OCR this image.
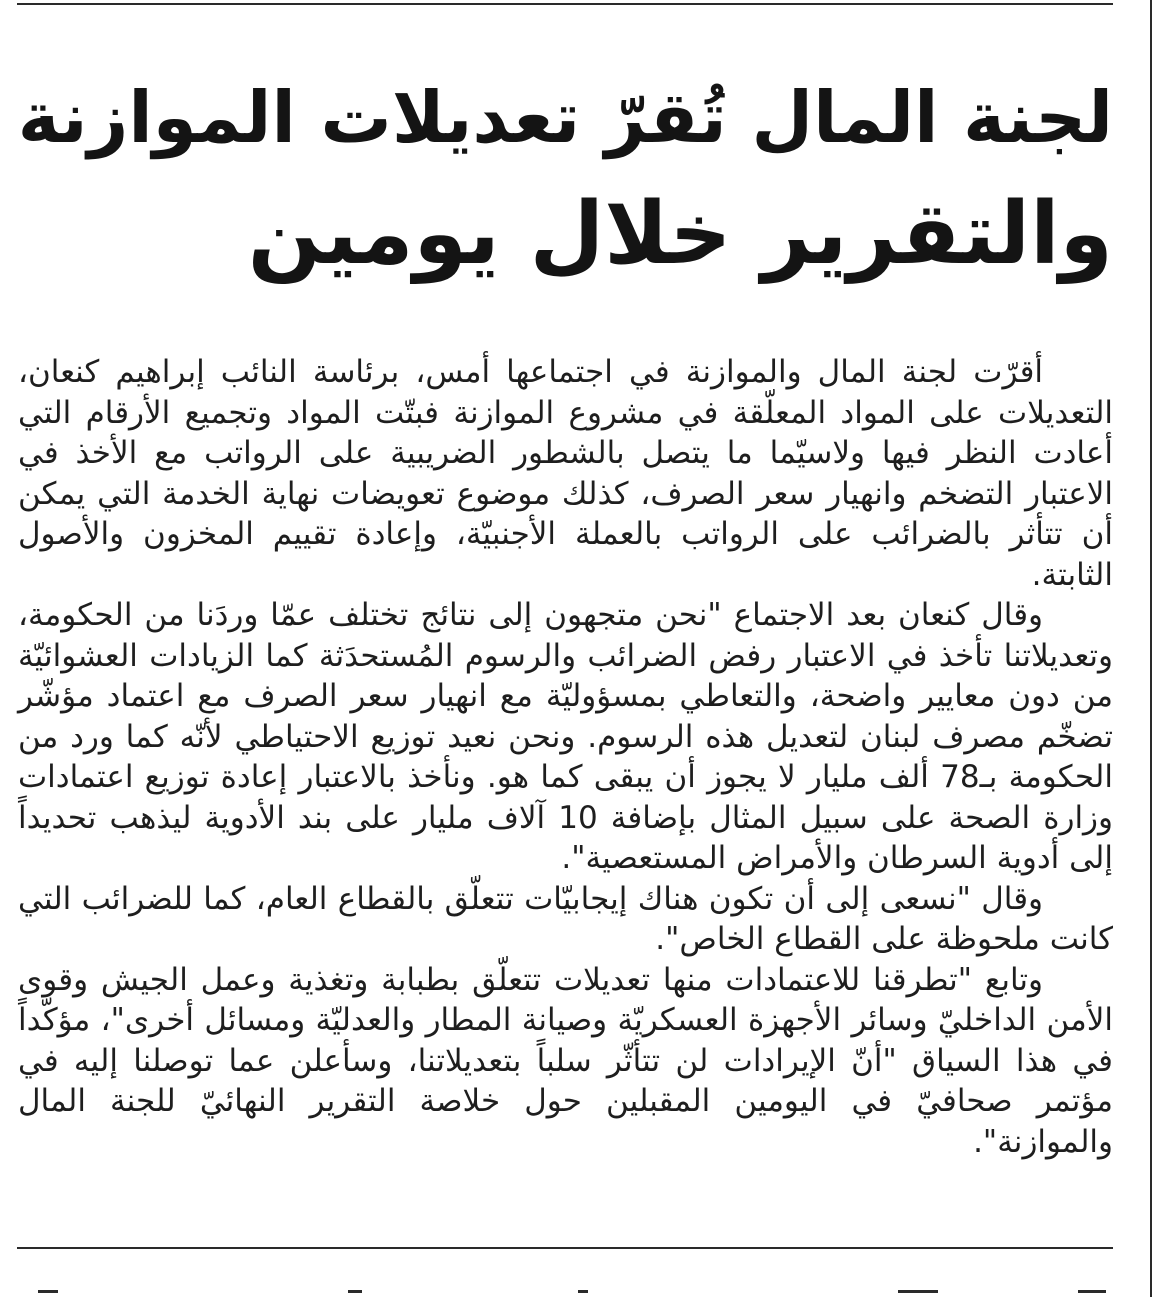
لجنة المال تُقرّ تعديلات الموازنة
والتقرير خلال يومين

أقرّت لجنة المال والموازنة في اجتماعها أمس، برئاسة النائب إبراهيم كنعان، التعديلات على المواد المعلّقة في مشروع الموازنة فبتّت المواد وتجميع الأرقام التي أعادت النظر فيها ولاسيّما ما يتصل بالشطور الضريبية على الرواتب مع الأخذ في الاعتبار التضخم وانهيار سعر الصرف، كذلك موضوع تعويضات نهاية الخدمة التي يمكن أن تتأثر بالضرائب على الرواتب بالعملة الأجنبيّة، وإعادة تقييم المخزون والأصول الثابتة.

وقال كنعان بعد الاجتماع "نحن متجهون إلى نتائج تختلف عمّا وردَنا من الحكومة، وتعديلاتنا تأخذ في الاعتبار رفض الضرائب والرسوم المُستحدَثة كما الزيادات العشوائيّة من دون معايير واضحة، والتعاطي بمسؤوليّة مع انهيار سعر الصرف مع اعتماد مؤشّر تضخّم مصرف لبنان لتعديل هذه الرسوم. ونحن نعيد توزيع الاحتياطي لأنّه كما ورد من الحكومة بـ78 ألف مليار لا يجوز أن يبقى كما هو. ونأخذ بالاعتبار إعادة توزيع اعتمادات وزارة الصحة على سبيل المثال بإضافة 10 آلاف مليار على بند الأدوية ليذهب تحديداً إلى أدوية السرطان والأمراض المستعصية".

وقال "نسعى إلى أن تكون هناك إيجابيّات تتعلّق بالقطاع العام، كما للضرائب التي كانت ملحوظة على القطاع الخاص".

وتابع "تطرقنا للاعتمادات منها تعديلات تتعلّق بطبابة وتغذية وعمل الجيش وقوى الأمن الداخليّ وسائر الأجهزة العسكريّة وصيانة المطار والعدليّة ومسائل أخرى"، مؤكّداً في هذا السياق "أنّ الإيرادات لن تتأثّر سلباً بتعديلاتنا، وسأعلن عما توصلنا إليه في مؤتمر صحافيّ في اليومين المقبلين حول خلاصة التقرير النهائيّ للجنة المال والموازنة".
